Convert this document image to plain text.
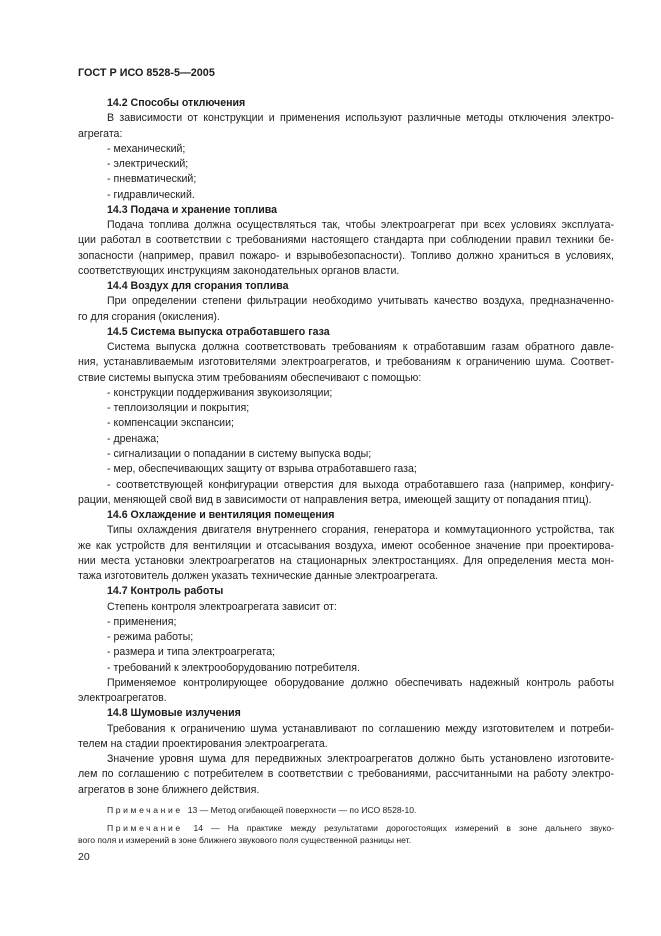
ГОСТ Р ИСО 8528-5—2005
14.2 Способы отключения
В зависимости от конструкции и применения используют различные методы отключения электро-
агрегата:
- механический;
- электрический;
- пневматический;
- гидравлический.
14.3 Подача и хранение топлива
Подача топлива должна осуществляться так, чтобы электроагрегат при всех условиях эксплуата-
ции работал в соответствии с требованиями настоящего стандарта при соблюдении правил техники бе-
зопасности (например, правил пожаро- и взрывобезопасности). Топливо должно храниться в условиях,
соответствующих инструкциям законодательных органов власти.
14.4 Воздух для сгорания топлива
При определении степени фильтрации необходимо учитывать качество воздуха, предназначенно-
го для сгорания (окисления).
14.5 Система выпуска отработавшего газа
Система выпуска должна соответствовать требованиям к отработавшим газам обратного давле-
ния, устанавливаемым изготовителями электроагрегатов, и требованиям к ограничению шума. Соответ-
ствие системы выпуска этим требованиям обеспечивают с помощью:
- конструкции поддерживания звукоизоляции;
- теплоизоляции и покрытия;
- компенсации экспансии;
- дренажа;
- сигнализации о попадании в систему выпуска воды;
- мер, обеспечивающих защиту от взрыва отработавшего газа;
- соответствующей конфигурации отверстия для выхода отработавшего газа (например, конфигу-
рации, меняющей свой вид в зависимости от направления ветра, имеющей защиту от попадания птиц).
14.6 Охлаждение и вентиляция помещения
Типы охлаждения двигателя внутреннего сгорания, генератора и коммутационного устройства, так
же как устройств для вентиляции и отсасывания воздуха, имеют особенное значение при проектирова-
нии места установки электроагрегатов на стационарных электростанциях. Для определения места мон-
тажа изготовитель должен указать технические данные электроагрегата.
14.7 Контроль работы
Степень контроля электроагрегата зависит от:
- применения;
- режима работы;
- размера и типа электроагрегата;
- требований к электрооборудованию потребителя.
Применяемое контролирующее оборудование должно обеспечивать надежный контроль работы
электроагрегатов.
14.8 Шумовые излучения
Требования к ограничению шума устанавливают по соглашению между изготовителем и потреби-
телем на стадии проектирования электроагрегата.
Значение уровня шума для передвижных электроагрегатов должно быть установлено изготовите-
лем по соглашению с потребителем в соответствии с требованиями, рассчитанными на работу электро-
агрегатов в зоне ближнего действия.
Примечание 13 — Метод огибающей поверхности — по ИСО 8528-10.
Примечание 14 — На практике между результатами дорогостоящих измерений в зоне дальнего звуко-
вого поля и измерений в зоне ближнего звукового поля существенной разницы нет.
20
